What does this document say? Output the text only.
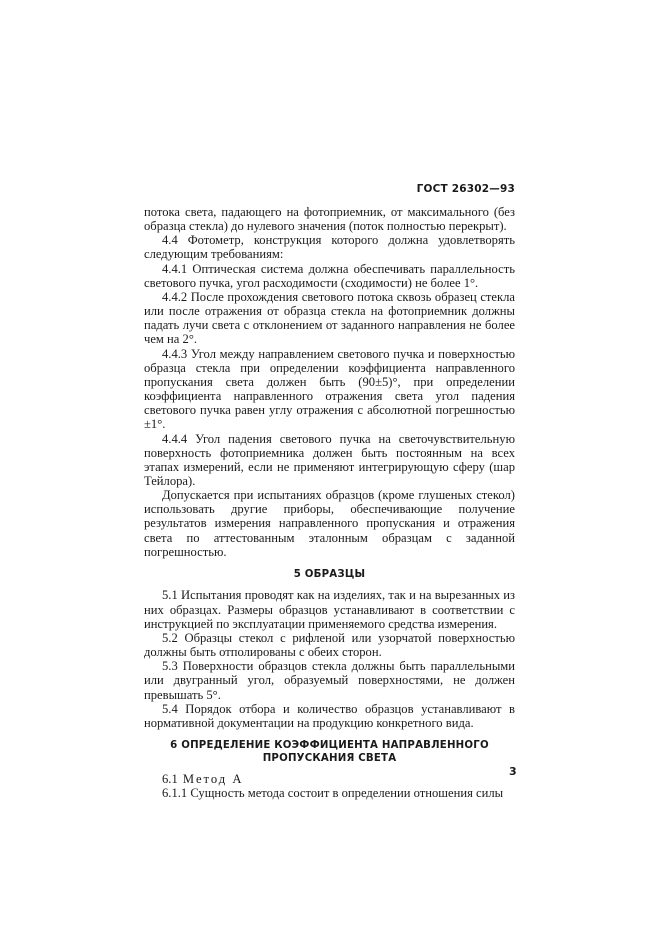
ГОСТ 26302—93

потока света, падающего на фотоприемник, от максимального (без образца стекла) до нулевого значения (поток полностью перекрыт).

4.4 Фотометр, конструкция которого должна удовлетворять следующим требованиям:

4.4.1 Оптическая система должна обеспечивать параллельность светового пучка, угол расходимости (сходимости) не более 1°.

4.4.2 После прохождения светового потока сквозь образец стекла или после отражения от образца стекла на фотоприемник должны падать лучи света с отклонением от заданного направления не более чем на 2°.

4.4.3 Угол между направлением светового пучка и поверхностью образца стекла при определении коэффициента направленного пропускания света должен быть (90±5)°, при определении коэффициента направленного отражения света угол падения светового пучка равен углу отражения с абсолютной погрешностью ±1°.

4.4.4 Угол падения светового пучка на светочувствительную поверхность фотоприемника должен быть постоянным на всех этапах измерений, если не применяют интегрирующую сферу (шар Тейлора).

Допускается при испытаниях образцов (кроме глушеных стекол) использовать другие приборы, обеспечивающие получение результатов измерения направленного пропускания и отражения света по аттестованным эталонным образцам с заданной погрешностью.

5 ОБРАЗЦЫ

5.1 Испытания проводят как на изделиях, так и на вырезанных из них образцах. Размеры образцов устанавливают в соответствии с инструкцией по эксплуатации применяемого средства измерения.

5.2 Образцы стекол с рифленой или узорчатой поверхностью должны быть отполированы с обеих сторон.

5.3 Поверхности образцов стекла должны быть параллельными или двугранный угол, образуемый поверхностями, не должен превышать 5°.

5.4 Порядок отбора и количество образцов устанавливают в нормативной документации на продукцию конкретного вида.

6 ОПРЕДЕЛЕНИЕ КОЭФФИЦИЕНТА НАПРАВЛЕННОГО
ПРОПУСКАНИЯ СВЕТА

6.1 Метод А

6.1.1 Сущность метода состоит в определении отношения силы

3
